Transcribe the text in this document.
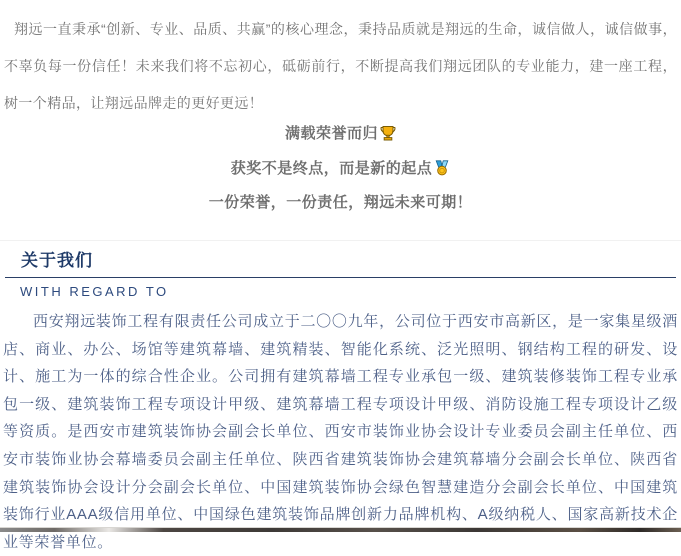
翔远一直秉承“创新、专业、品质、共赢”的核心理念，秉持品质就是翔远的生命，诚信做人，诚信做事，不辜负每一份信任！未来我们将不忘初心，砥砺前行，不断提高我们翔远团队的专业能力，建一座工程，树一个精品，让翔远品牌走的更好更远！

满载荣誉而归
获奖不是终点，而是新的起点
一份荣誉，一份责任，翔远未来可期！
关于我们
WITH REGARD TO

西安翔远装饰工程有限责任公司成立于二〇〇九年，公司位于西安市高新区，是一家集星级酒店、商业、办公、场馆等建筑幕墙、建筑精装、智能化系统、泛光照明、钢结构工程的研发、设计、施工为一体的综合性企业。公司拥有建筑幕墙工程专业承包一级、建筑装修装饰工程专业承包一级、建筑装饰工程专项设计甲级、建筑幕墙工程专项设计甲级、消防设施工程专项设计乙级等资质。是西安市建筑装饰协会副会长单位、西安市装饰业协会设计专业委员会副主任单位、西安市装饰业协会幕墙委员会副主任单位、陕西省建筑装饰协会建筑幕墙分会副会长单位、陕西省建筑装饰协会设计分会副会长单位、中国建筑装饰协会绿色智慧建造分会副会长单位、中国建筑装饰行业AAA级信用单位、中国绿色建筑装饰品牌创新力品牌机构、A级纳税人、国家高新技术企业等荣誉单位。
